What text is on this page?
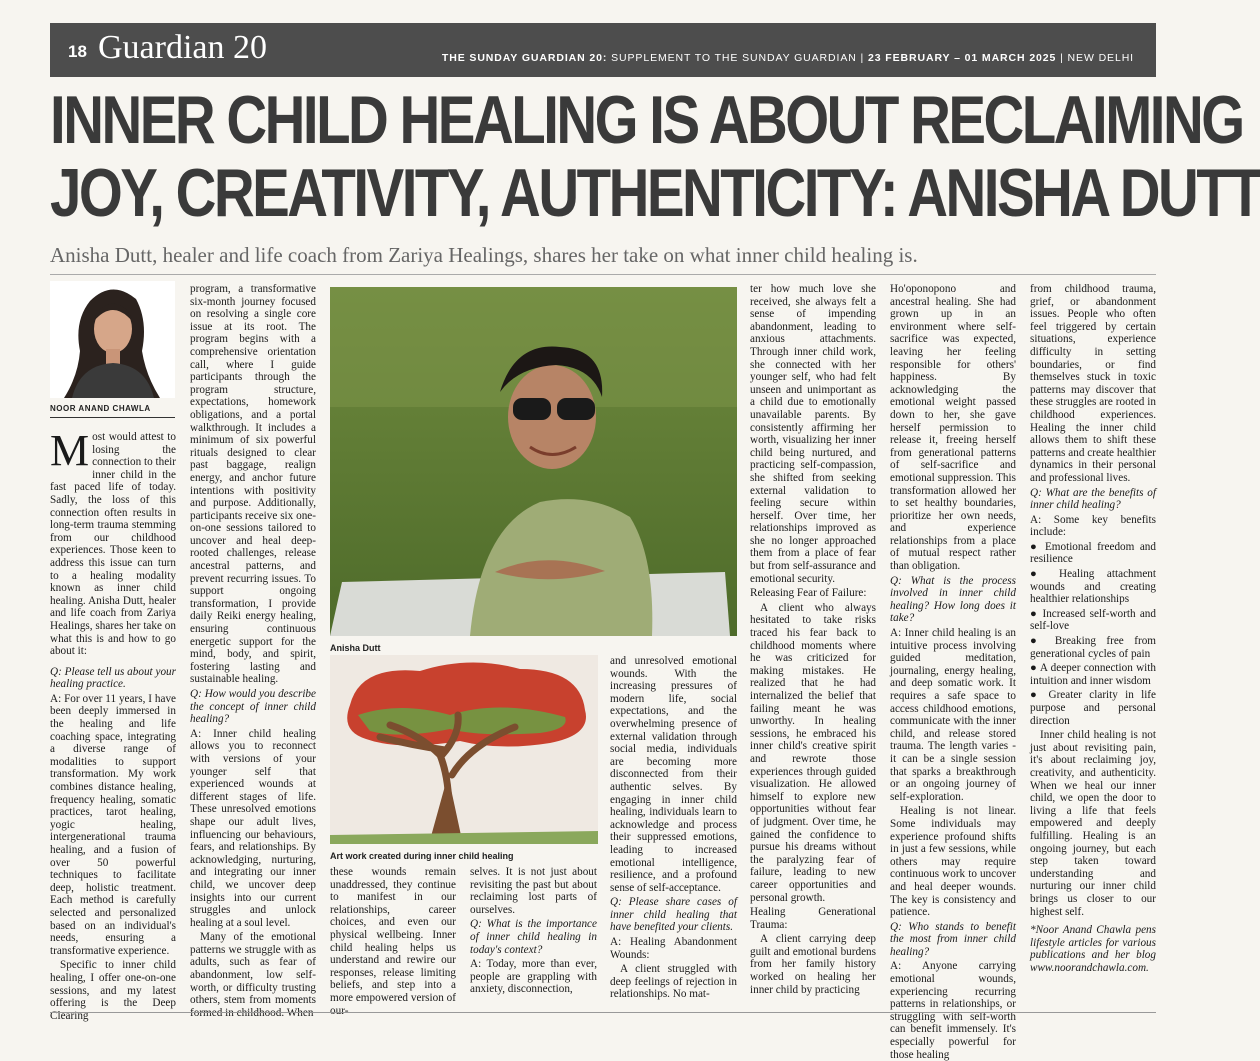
18 Guardian 20	THE SUNDAY GUARDIAN 20: SUPPLEMENT TO THE SUNDAY GUARDIAN | 23 FEBRUARY – 01 MARCH 2025 | NEW DELHI
INNER CHILD HEALING IS ABOUT RECLAIMING
JOY, CREATIVITY, AUTHENTICITY: ANISHA DUTT
Anisha Dutt, healer and life coach from Zariya Healings, shares her take on what inner child healing is.
NOOR ANAND CHAWLA

Most would attest to losing the connection to their inner child in the fast paced life of today. Sadly, the loss of this connection often results in long-term trauma stemming from our childhood experiences. Those keen to address this issue can turn to a healing modality known as inner child healing. Anisha Dutt, healer and life coach from Zariya Healings, shares her take on what this is and how to go about it:

Q: Please tell us about your healing practice.

A: For over 11 years, I have been deeply immersed in the healing and life coaching space, integrating a diverse range of modalities to support transformation. My work combines distance healing, frequency healing, somatic practices, tarot healing, yogic healing, intergenerational trauma healing, and a fusion of over 50 powerful techniques to facilitate deep, holistic treatment. Each method is carefully selected and personalized based on an individual's needs, ensuring a transformative experience.

Specific to inner child healing, I offer one-on-one sessions, and my latest offering is the Deep Clearing

program, a transformative six-month journey focused on resolving a single core issue at its root. The program begins with a comprehensive orientation call, where I guide participants through the program structure, expectations, homework obligations, and a portal walkthrough. It includes a minimum of six powerful rituals designed to clear past baggage, realign energy, and anchor future intentions with positivity and purpose. Additionally, participants receive six one-on-one sessions tailored to uncover and heal deep-rooted challenges, release ancestral patterns, and prevent recurring issues. To support ongoing transformation, I provide daily Reiki energy healing, ensuring continuous energetic support for the mind, body, and spirit, fostering lasting and sustainable healing.

Q: How would you describe the concept of inner child healing?

A: Inner child healing allows you to reconnect with versions of your younger self that experienced wounds at different stages of life. These unresolved emotions shape our adult lives, influencing our behaviours, fears, and relationships. By acknowledging, nurturing, and integrating our inner child, we uncover deep insights into our current struggles and unlock healing at a soul level.

Many of the emotional patterns we struggle with as adults, such as fear of abandonment, low self-worth, or difficulty trusting others, stem from moments formed in childhood. When

Anisha Dutt
Art work created during inner child healing

these wounds remain unaddressed, they continue to manifest in our relationships, career choices, and even our physical wellbeing. Inner child healing helps us understand and rewire our responses, release limiting beliefs, and step into a more empowered version of our-

selves. It is not just about revisiting the past but about reclaiming lost parts of ourselves.

Q: What is the importance of inner child healing in today's context?

A: Today, more than ever, people are grappling with anxiety, disconnection,

and unresolved emotional wounds. With the increasing pressures of modern life, social expectations, and the overwhelming presence of external validation through social media, individuals are becoming more disconnected from their authentic selves. By engaging in inner child healing, individuals learn to acknowledge and process their suppressed emotions, leading to increased emotional intelligence, resilience, and a profound sense of self-acceptance.

Q: Please share cases of inner child healing that have benefited your clients.

A: Healing Abandonment Wounds:

A client struggled with deep feelings of rejection in relationships. No mat-

ter how much love she received, she always felt a sense of impending abandonment, leading to anxious attachments. Through inner child work, she connected with her younger self, who had felt unseen and unimportant as a child due to emotionally unavailable parents. By consistently affirming her worth, visualizing her inner child being nurtured, and practicing self-compassion, she shifted from seeking external validation to feeling secure within herself. Over time, her relationships improved as she no longer approached them from a place of fear but from self-assurance and emotional security.

Releasing Fear of Failure:

A client who always hesitated to take risks traced his fear back to childhood moments where he was criticized for making mistakes. He realized that he had internalized the belief that failing meant he was unworthy. In healing sessions, he embraced his inner child's creative spirit and rewrote those experiences through guided visualization. He allowed himself to explore new opportunities without fear of judgment. Over time, he gained the confidence to pursue his dreams without the paralyzing fear of failure, leading to new career opportunities and personal growth.

Healing Generational Trauma:

A client carrying deep guilt and emotional burdens from her family history worked on healing her inner child by practicing

Ho'oponopono and ancestral healing. She had grown up in an environment where self-sacrifice was expected, leaving her feeling responsible for others' happiness. By acknowledging the emotional weight passed down to her, she gave herself permission to release it, freeing herself from generational patterns of self-sacrifice and emotional suppression. This transformation allowed her to set healthy boundaries, prioritize her own needs, and experience relationships from a place of mutual respect rather than obligation.

Q: What is the process involved in inner child healing? How long does it take?

A: Inner child healing is an intuitive process involving guided meditation, journaling, energy healing, and deep somatic work. It requires a safe space to access childhood emotions, communicate with the inner child, and release stored trauma. The length varies - it can be a single session that sparks a breakthrough or an ongoing journey of self-exploration.

Healing is not linear. Some individuals may experience profound shifts in just a few sessions, while others may require continuous work to uncover and heal deeper wounds. The key is consistency and patience.

Q: Who stands to benefit the most from inner child healing?

A: Anyone carrying emotional wounds, experiencing recurring patterns in relationships, or struggling with self-worth can benefit immensely. It's especially powerful for those healing

from childhood trauma, grief, or abandonment issues. People who often feel triggered by certain situations, experience difficulty in setting boundaries, or find themselves stuck in toxic patterns may discover that these struggles are rooted in childhood experiences. Healing the inner child allows them to shift these patterns and create healthier dynamics in their personal and professional lives.

Q: What are the benefits of inner child healing?

A: Some key benefits include:

● Emotional freedom and resilience

● Healing attachment wounds and creating healthier relationships

● Increased self-worth and self-love

● Breaking free from generational cycles of pain

● A deeper connection with intuition and inner wisdom

● Greater clarity in life purpose and personal direction

Inner child healing is not just about revisiting pain, it's about reclaiming joy, creativity, and authenticity. When we heal our inner child, we open the door to living a life that feels empowered and deeply fulfilling. Healing is an ongoing journey, but each step taken toward understanding and nurturing our inner child brings us closer to our highest self.

*Noor Anand Chawla pens lifestyle articles for various publications and her blog www.noorandchawla.com.
